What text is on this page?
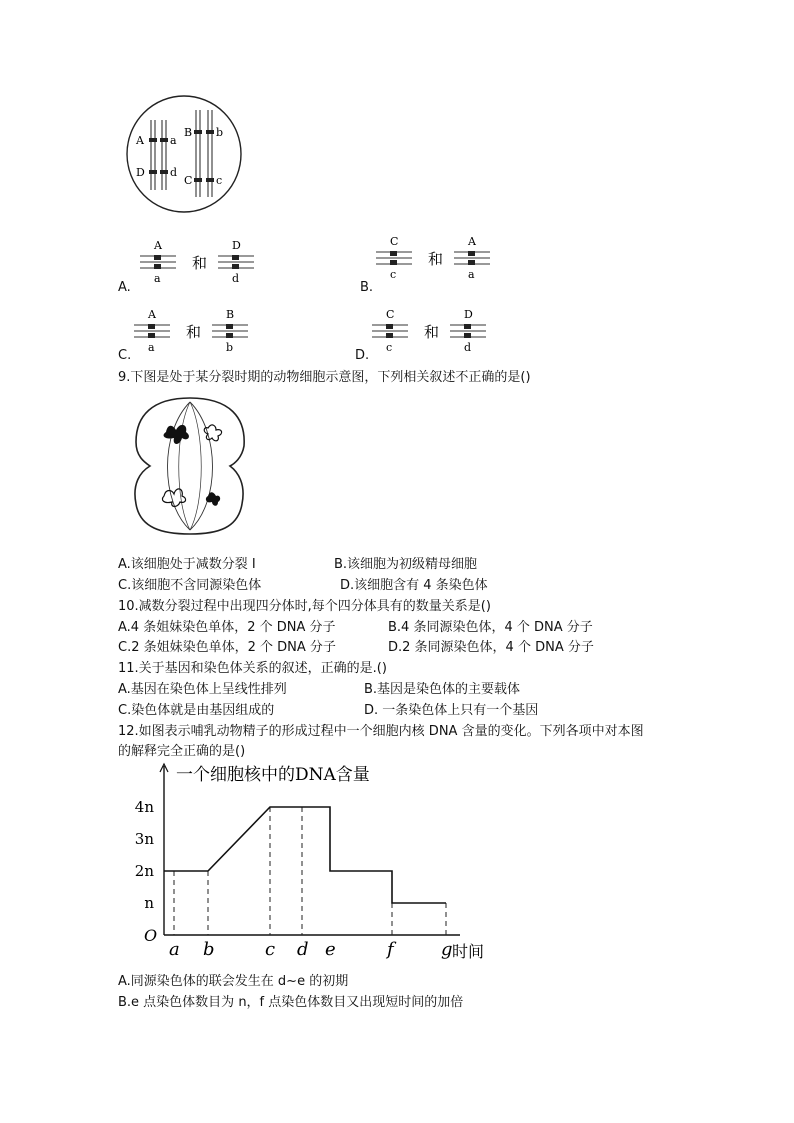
A a
D d
B b
C c
A.
A
a
和
D
d
B.
C
c
和
A
a
C.
A
a
和
B
b
D.
C
c
和
D
d
9.下图是处于某分裂时期的动物细胞示意图，下列相关叙述不正确的是()
A.该细胞处于减数分裂 I	B.该细胞为初级精母细胞
C.该细胞不含同源染色体	D.该细胞含有 4 条染色体
10.减数分裂过程中出现四分体时,每个四分体具有的数量关系是()
A.4 条姐妹染色单体，2 个 DNA 分子	B.4 条同源染色体，4 个 DNA 分子
C.2 条姐妹染色单体，2 个 DNA 分子	D.2 条同源染色体，4 个 DNA 分子
11.关于基因和染色体关系的叙述，正确的是.()
A.基因在染色体上呈线性排列	B.基因是染色体的主要载体
C.染色体就是由基因组成的	D. 一条染色体上只有一个基因
12.如图表示哺乳动物精子的形成过程中一个细胞内核 DNA 含量的变化。下列各项中对本图
的解释完全正确的是()
一个细胞核中的DNA含量
n
2n
3n
4n
O
a b	c d e	f	g 时间
A.同源染色体的联会发生在 d~e 的初期
B.e 点染色体数目为 n，f 点染色体数目又出现短时间的加倍
